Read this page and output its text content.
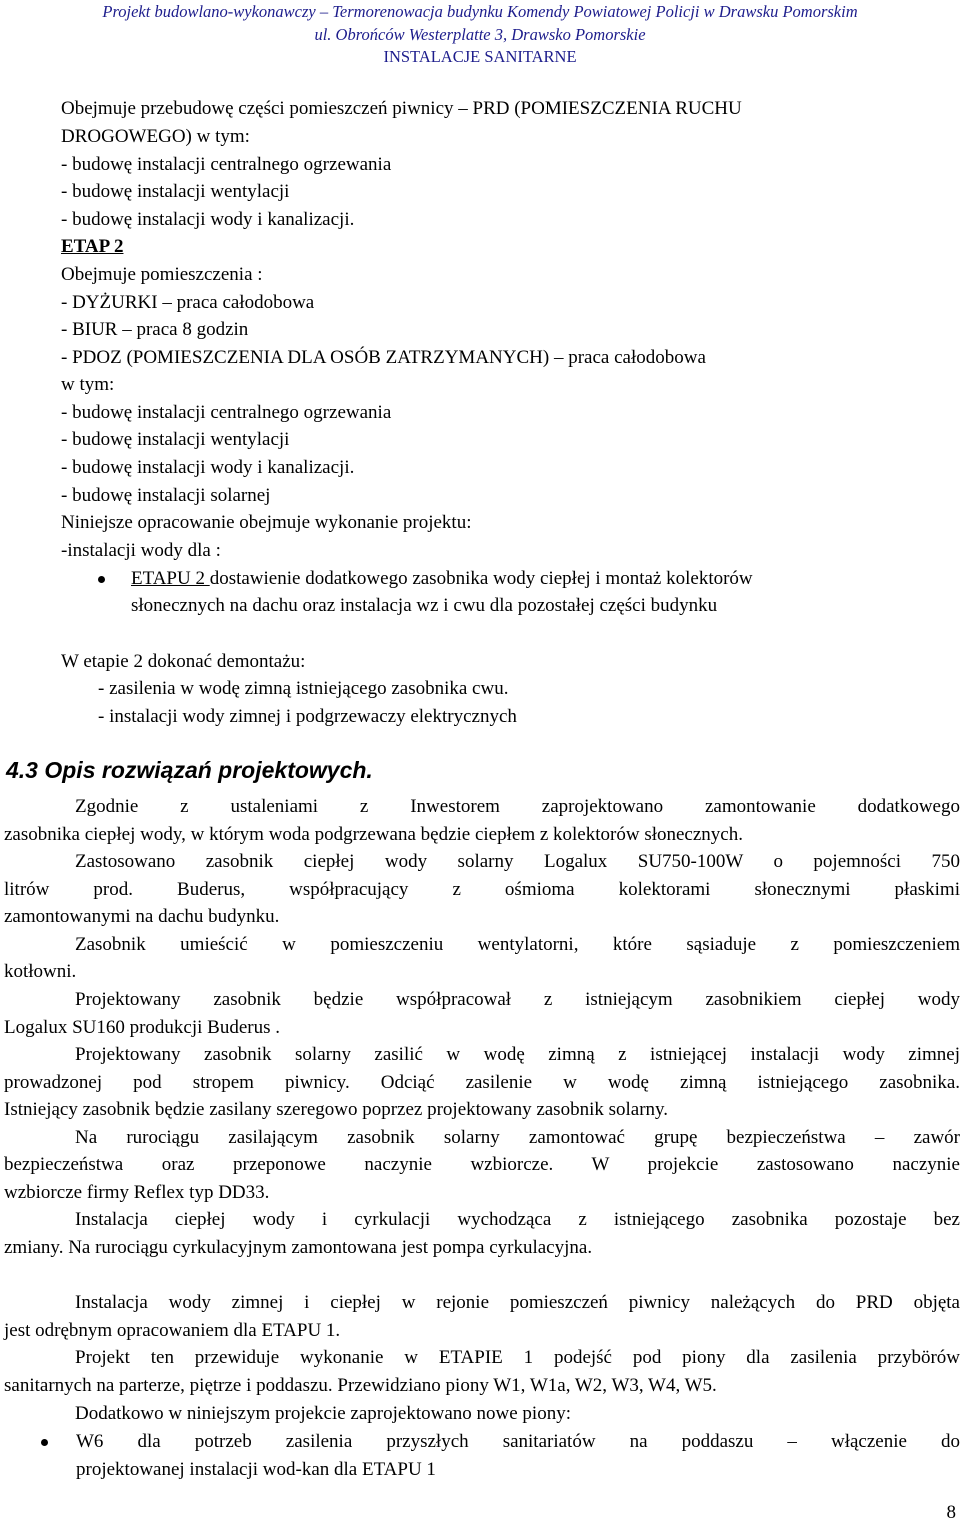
Projekt budowlano-wykonawczy – Termorenowacja budynku Komendy Powiatowej Policji w Drawsku Pomorskim
ul. Obrońców Westerplatte 3, Drawsko Pomorskie
INSTALACJE SANITARNE
Obejmuje przebudowę części pomieszczeń piwnicy – PRD (POMIESZCZENIA RUCHU
DROGOWEGO) w tym:
- budowę instalacji centralnego ogrzewania
- budowę instalacji wentylacji
- budowę instalacji wody i kanalizacji.
ETAP 2
Obejmuje pomieszczenia :
- DYŻURKI – praca całodobowa
- BIUR – praca 8 godzin
- PDOZ (POMIESZCZENIA DLA OSÓB ZATRZYMANYCH) – praca całodobowa
w tym:
- budowę instalacji centralnego ogrzewania
- budowę instalacji wentylacji
- budowę instalacji wody i kanalizacji.
- budowę instalacji solarnej
Niniejsze opracowanie obejmuje wykonanie projektu:
-instalacji wody dla :
ETAPU 2 dostawienie dodatkowego zasobnika wody ciepłej i montaż kolektorów
słonecznych na dachu oraz instalacja wz i cwu dla pozostałej części budynku
W etapie 2 dokonać demontażu:
- zasilenia w wodę zimną istniejącego zasobnika cwu.
- instalacji wody zimnej i podgrzewaczy elektrycznych
4.3 Opis rozwiązań projektowych.
Zgodnie z ustaleniami z Inwestorem zaprojektowano zamontowanie dodatkowego
zasobnika ciepłej wody, w którym woda podgrzewana będzie ciepłem z kolektorów słonecznych.
Zastosowano zasobnik ciepłej wody solarny Logalux SU750-100W o pojemności 750
litrów prod. Buderus, współpracujący z ośmioma kolektorami słonecznymi płaskimi
zamontowanymi na dachu budynku.
Zasobnik umieścić w pomieszczeniu wentylatorni, które sąsiaduje z pomieszczeniem
kotłowni.
Projektowany zasobnik będzie współpracował z istniejącym zasobnikiem ciepłej wody
Logalux SU160 produkcji Buderus .
Projektowany zasobnik solarny zasilić w wodę zimną z istniejącej instalacji wody zimnej
prowadzonej pod stropem piwnicy. Odciąć zasilenie w wodę zimną istniejącego zasobnika.
Istniejący zasobnik będzie zasilany szeregowo poprzez projektowany zasobnik solarny.
Na rurociągu zasilającym zasobnik solarny zamontować grupę bezpieczeństwa – zawór
bezpieczeństwa oraz przeponowe naczynie wzbiorcze. W projekcie zastosowano naczynie
wzbiorcze firmy Reflex typ DD33.
Instalacja ciepłej wody i cyrkulacji wychodząca z istniejącego zasobnika pozostaje bez
zmiany. Na rurociągu cyrkulacyjnym zamontowana jest pompa cyrkulacyjna.
Instalacja wody zimnej i ciepłej w rejonie pomieszczeń piwnicy należących do PRD objęta
jest odrębnym opracowaniem dla ETAPU 1.
Projekt ten przewiduje wykonanie w ETAPIE 1 podejść pod piony dla zasilenia przybörów
sanitarnych na parterze, piętrze i poddaszu. Przewidziano piony W1, W1a, W2, W3, W4, W5.
Dodatkowo w niniejszym projekcie zaprojektowano nowe piony:
W6 dla potrzeb zasilenia przyszłych sanitariatów na poddaszu – włączenie do
projektowanej instalacji wod-kan dla ETAPU 1
8
